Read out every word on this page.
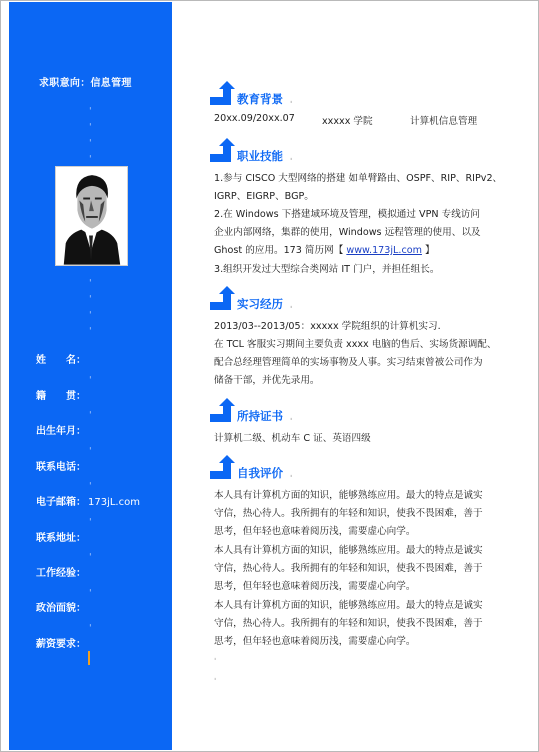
求职意向：信息管理
ˌ
ˌ
ˌ
ˌ
ˌ
ˌ
ˌ
ˌ
姓　　名：
籍　　贯：
出生年月：
联系电话：
电子邮箱： 173jL.com
联系地址：
工作经验：
政治面貌：
薪资要求：
ˌ
ˌ
ˌ
ˌ
ˌ
ˌ
ˌ
ˌ
教育背景 ˌ
20xx.09/20xx.07	xxxxx 学院	计算机信息管理
职业技能 ˌ
1.参与 CISCO 大型网络的搭建 如单臂路由、OSPF、RIP、RIPv2、
IGRP、EIGRP、BGP。
2.在 Windows 下搭建域环境及管理，模拟通过 VPN 专线访问
企业内部网络，集群的使用，Windows 远程管理的使用、以及
Ghost 的应用。173 简历网【 www.173jL.com 】
3.组织开发过大型综合类网站 IT 门户，并担任组长。
实习经历 ˌ
2013/03--2013/05：xxxxx 学院组织的计算机实习.
在 TCL 客服实习期间主要负责 xxxx 电脑的售后、实场货源调配、
配合总经理管理简单的实场事物及人事。实习结束曾被公司作为
储备干部，并优先录用。
所持证书 ˌ
计算机二级、机动车 C 证、英语四级
自我评价 ˌ
本人具有计算机方面的知识，能够熟练应用。最大的特点是诚实
守信，热心待人。我所拥有的年轻和知识，使我不畏困难，善于
思考，但年轻也意味着阅历浅，需要虚心向学。
本人具有计算机方面的知识，能够熟练应用。最大的特点是诚实
守信，热心待人。我所拥有的年轻和知识，使我不畏困难，善于
思考，但年轻也意味着阅历浅，需要虚心向学。
本人具有计算机方面的知识，能够熟练应用。最大的特点是诚实
守信，热心待人。我所拥有的年轻和知识，使我不畏困难，善于
思考，但年轻也意味着阅历浅，需要虚心向学。
ˌ
ˌ
